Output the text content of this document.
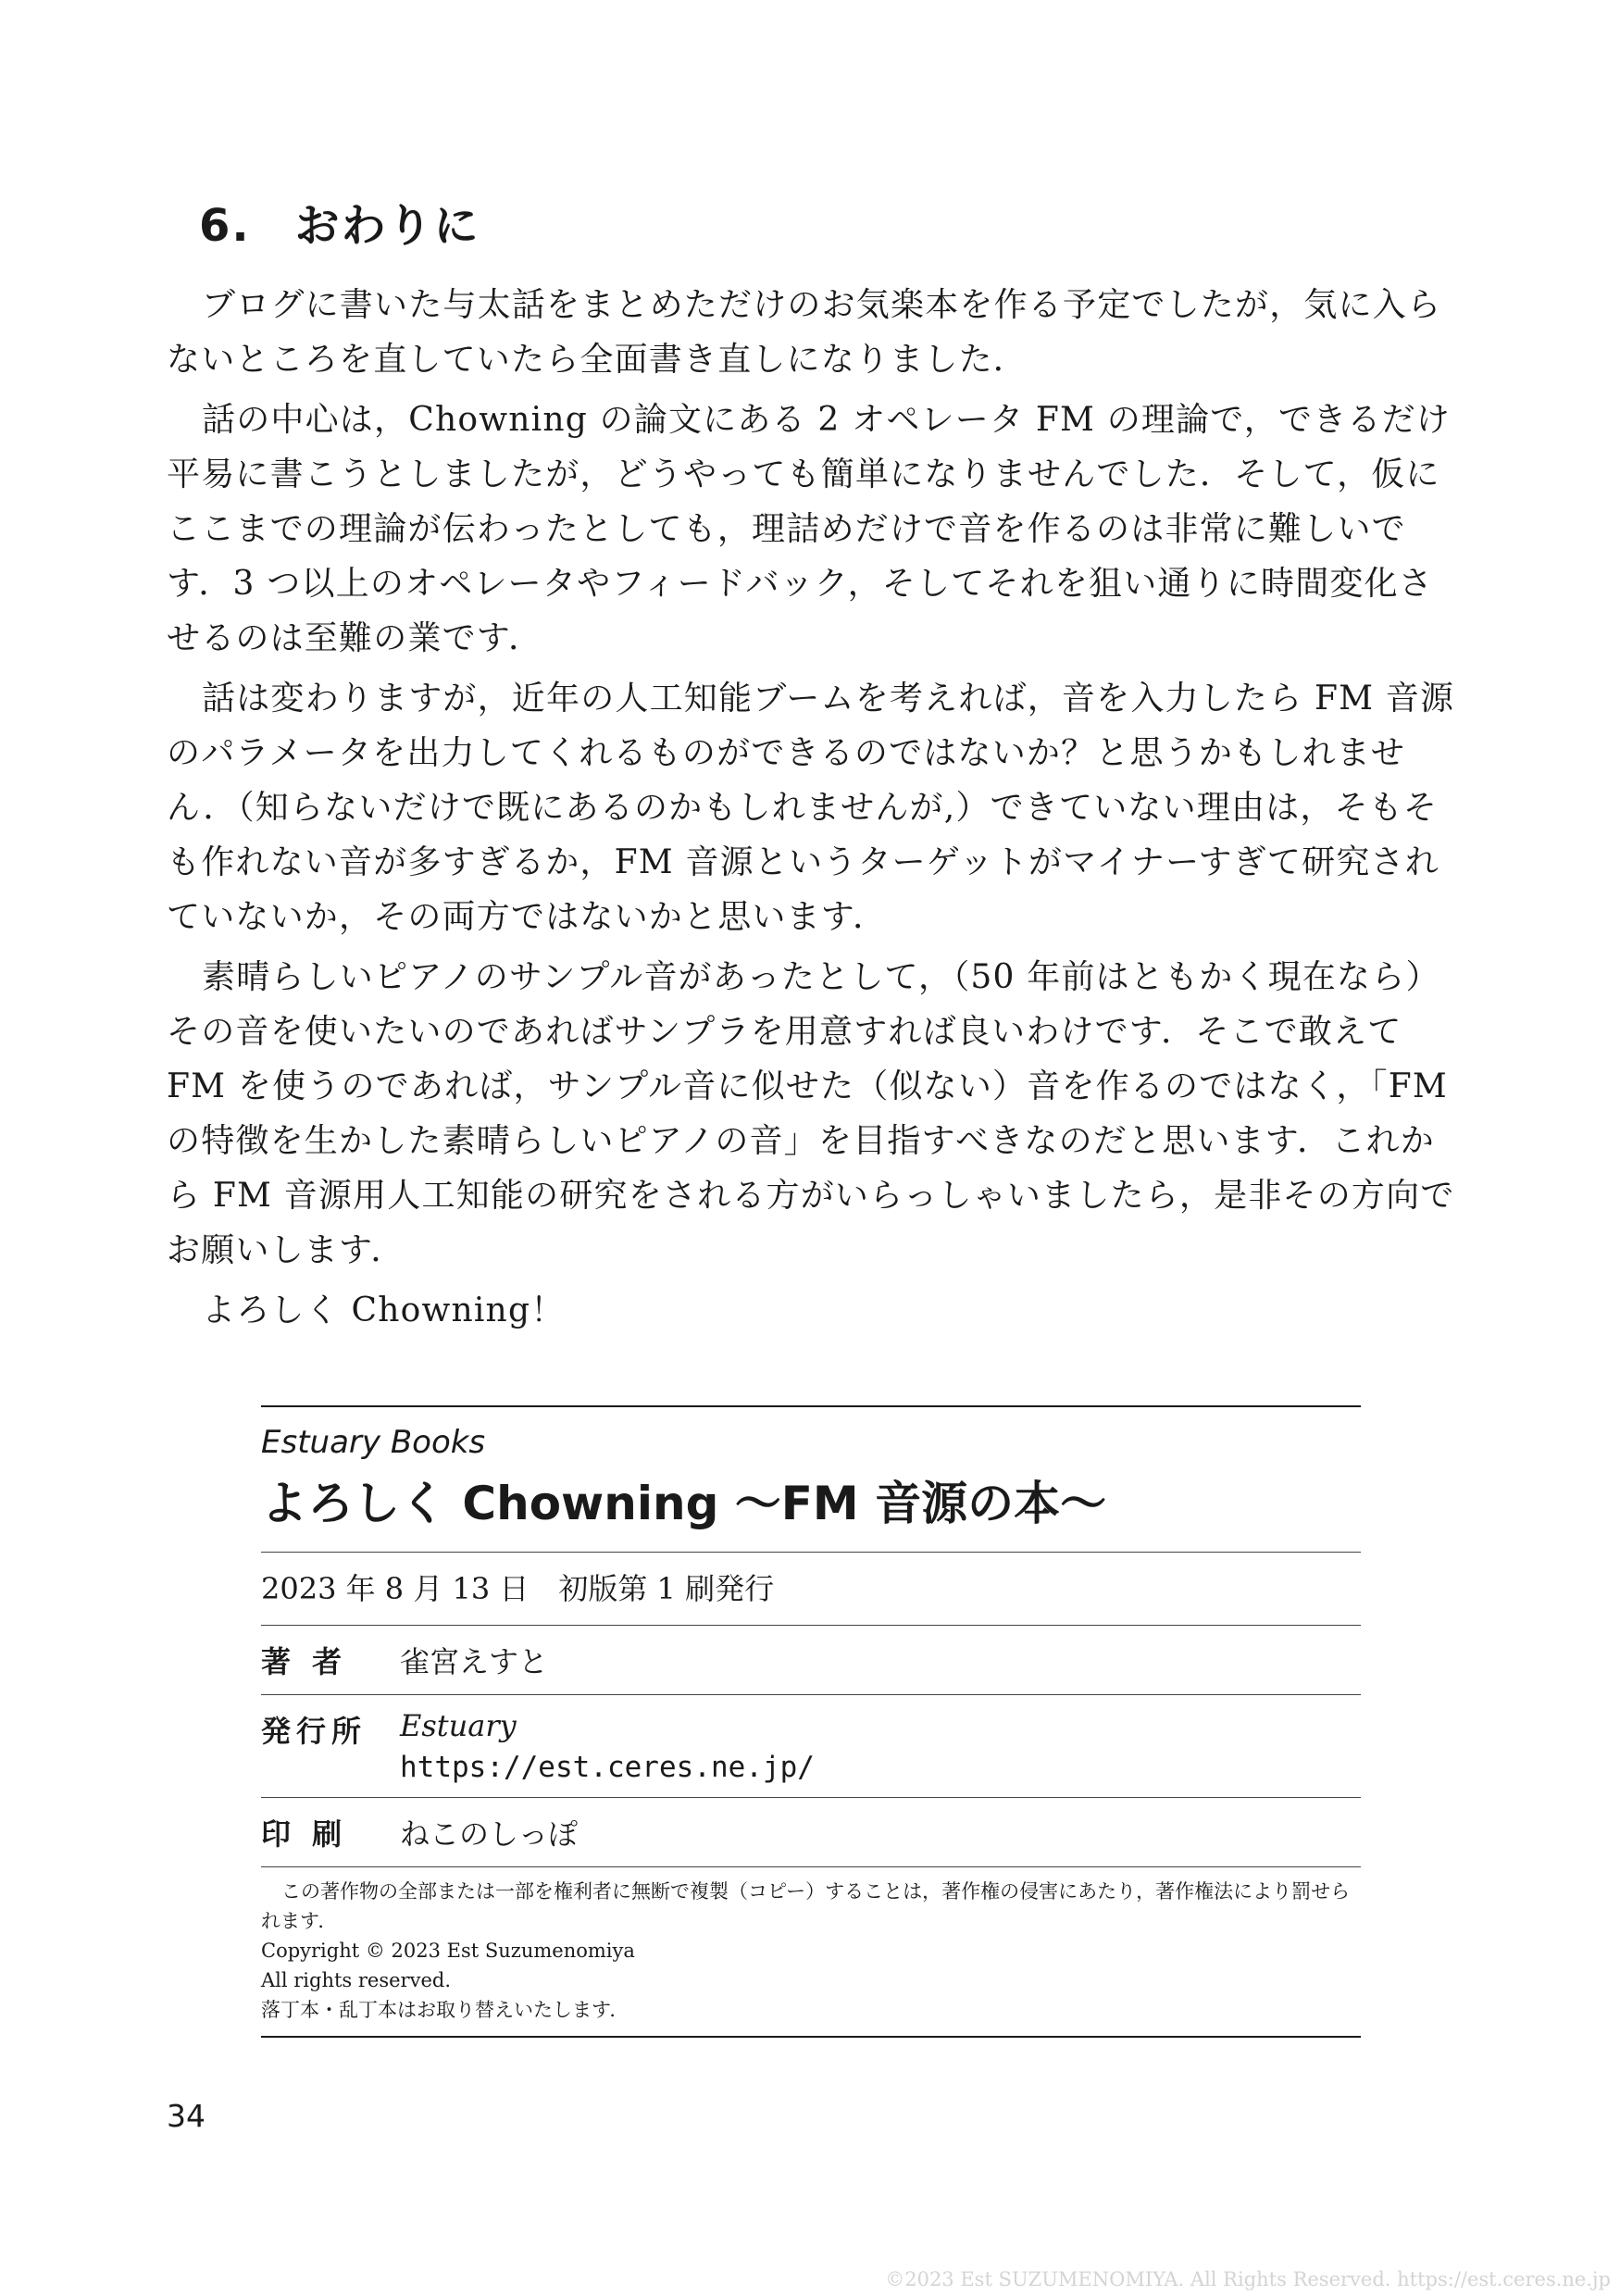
6. おわりに

ブログに書いた与太話をまとめただけのお気楽本を作る予定でしたが，気に入らないところを直していたら全面書き直しになりました．

話の中心は，Chowning の論文にある 2 オペレータ FM の理論で，できるだけ平易に書こうとしましたが，どうやっても簡単になりませんでした．そして，仮にここまでの理論が伝わったとしても，理詰めだけで音を作るのは非常に難しいです．3 つ以上のオペレータやフィードバック，そしてそれを狙い通りに時間変化させるのは至難の業です．

話は変わりますが，近年の人工知能ブームを考えれば，音を入力したら FM 音源のパラメータを出力してくれるものができるのではないか？と思うかもしれません．（知らないだけで既にあるのかもしれませんが,）できていない理由は，そもそも作れない音が多すぎるか，FM 音源というターゲットがマイナーすぎて研究されていないか，その両方ではないかと思います．

素晴らしいピアノのサンプル音があったとして，（50 年前はともかく現在なら）その音を使いたいのであればサンプラを用意すれば良いわけです．そこで敢えて FM を使うのであれば，サンプル音に似せた（似ない）音を作るのではなく，「FM の特徴を生かした素晴らしいピアノの音」を目指すべきなのだと思います．これから FM 音源用人工知能の研究をされる方がいらっしゃいましたら，是非その方向でお願いします．

よろしく Chowning！

Estuary Books
よろしく Chowning ～FM 音源の本～
2023 年 8 月 13 日　初版第 1 刷発行
著 者	雀宮えすと
発行所	Estuary
https://est.ceres.ne.jp/
印 刷	ねこのしっぽ
この著作物の全部または一部を権利者に無断で複製（コピー）することは，著作権の侵害にあたり，著作権法により罰せられます．
Copyright © 2023 Est Suzumenomiya
All rights reserved.
落丁本・乱丁本はお取り替えいたします．
34
©2023 Est SUZUMENOMIYA. All Rights Reserved. https://est.ceres.ne.jp
